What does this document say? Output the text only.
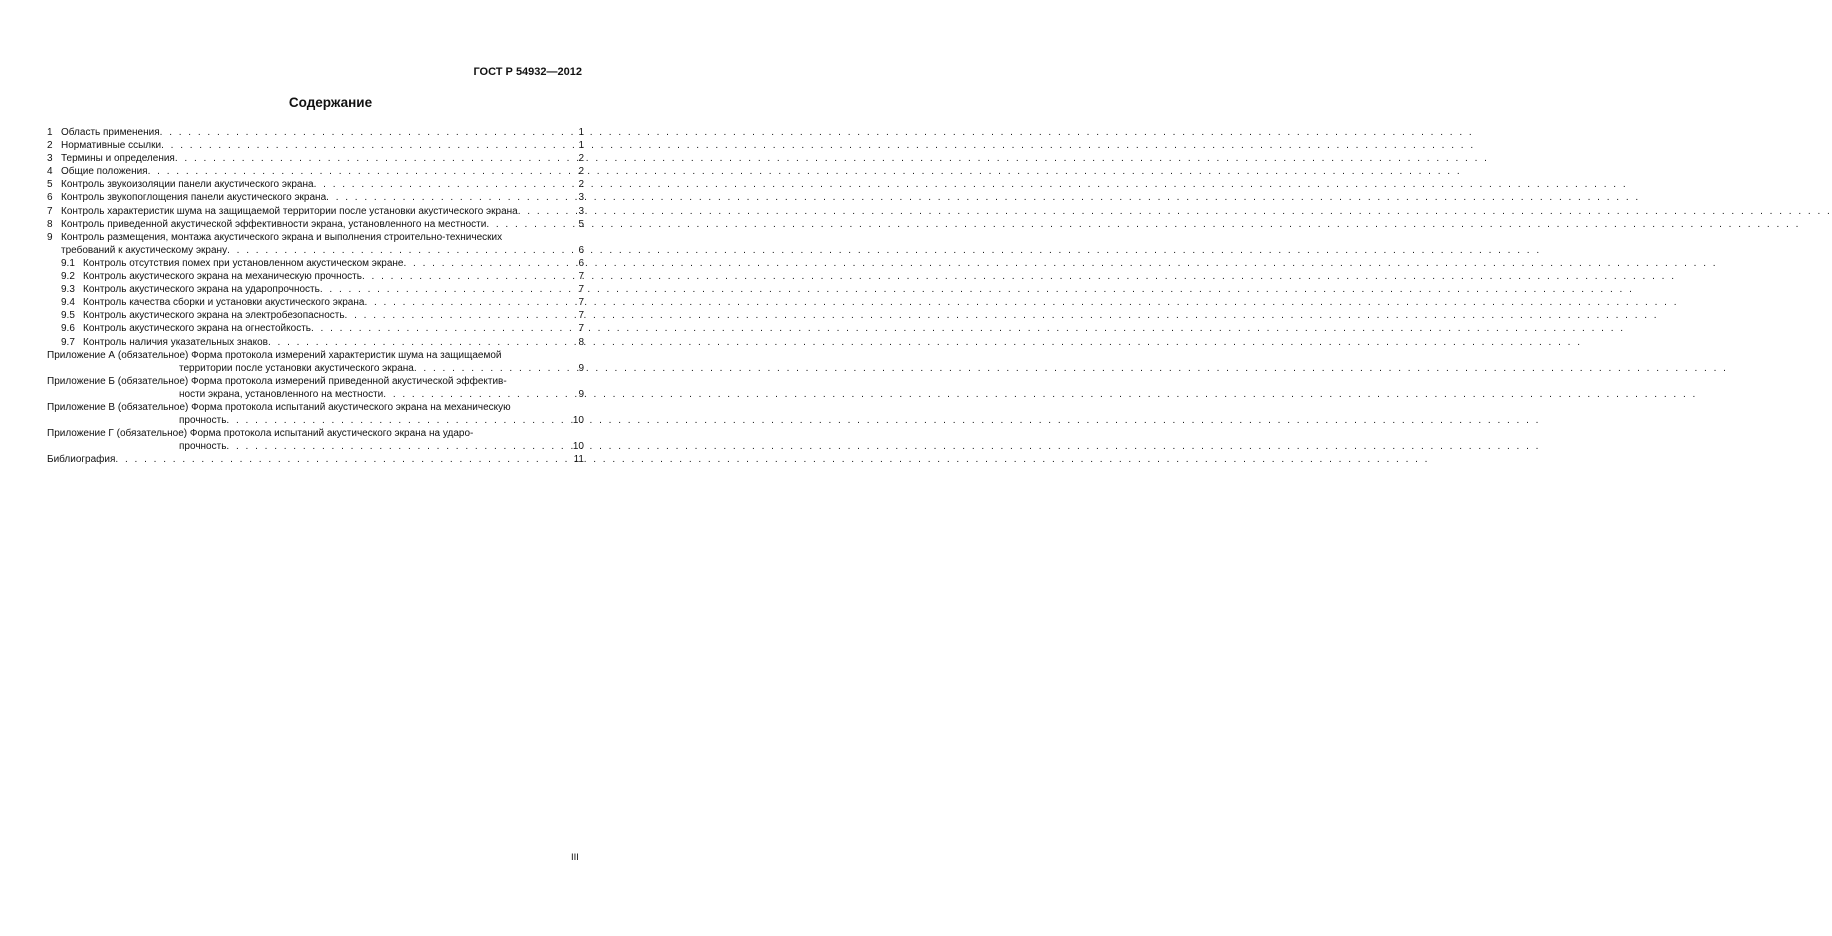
ГОСТ Р 54932—2012
Содержание
1 Область применения . . .	1
2 Нормативные ссылки . . .	1
3 Термины и определения . . .	2
4 Общие положения . . .	2
5 Контроль звукоизоляции панели акустического экрана . . .	2
6 Контроль звукопоглощения панели акустического экрана . . .	3
7 Контроль характеристик шума на защищаемой территории после установки акустического экрана . . .	3
8 Контроль приведенной акустической эффективности экрана, установленного на местности . . .	5
9 Контроль размещения, монтажа акустического экрана и выполнения строительно-технических
требований к акустическому экрану . . .	6
9.1 Контроль отсутствия помех при установленном акустическом экране . . .	6
9.2 Контроль акустического экрана на механическую прочность . . .	7
9.3 Контроль акустического экрана на ударопрочность . . .	7
9.4 Контроль качества сборки и установки акустического экрана . . .	7
9.5 Контроль акустического экрана на электробезопасность . . .	7
9.6 Контроль акустического экрана на огнестойкость . . .	7
9.7 Контроль наличия указательных знаков . . .	8
Приложение А (обязательное) Форма протокола измерений характеристик шума на защищаемой
территории после установки акустического экрана . . .	9
Приложение Б (обязательное) Форма протокола измерений приведенной акустической эффектив-
ности экрана, установленного на местности . . .	9
Приложение В (обязательное) Форма протокола испытаний акустического экрана на механическую
прочность . . .	10
Приложение Г (обязательное) Форма протокола испытаний акустического экрана на ударо-
прочность . . .	10
Библиография . . .	11
III
